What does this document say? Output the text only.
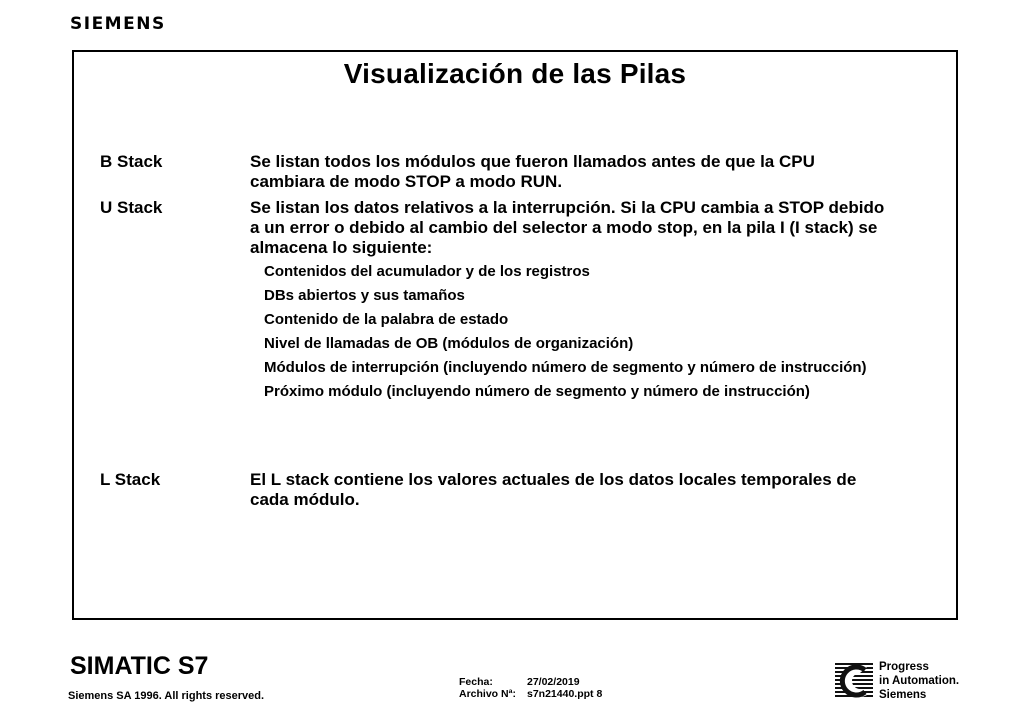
SIEMENS
Visualización de las Pilas
B Stack	Se listan todos los módulos que fueron llamados antes de que la CPU cambiara de modo STOP a modo RUN.
U Stack	Se listan los datos relativos a la interrupción. Si la CPU cambia a STOP debido a un error o debido al cambio del selector a modo stop, en la pila I (I stack) se almacena lo siguiente:
Contenidos del acumulador y de los registros
DBs abiertos y sus tamaños
Contenido de la palabra de estado
Nivel de llamadas de OB (módulos de organización)
Módulos de interrupción (incluyendo número de segmento y número de instrucción)
Próximo módulo (incluyendo número de segmento y número de instrucción)
L Stack	El L stack contiene los valores actuales de los datos locales temporales de cada módulo.
SIMATIC S7
Siemens SA 1996. All rights reserved.
Fecha:	27/02/2019
Archivo Nª: s7n21440.ppt 8
Progress
in Automation.
Siemens
